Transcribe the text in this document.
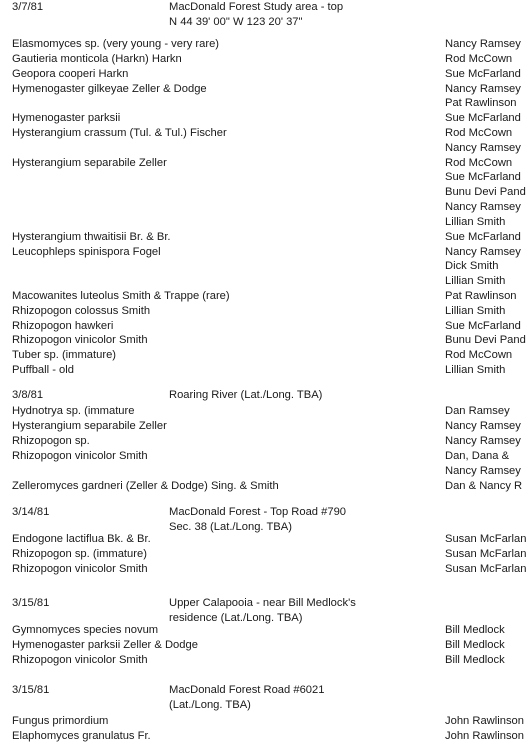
3/7/81	MacDonald Forest Study area - top
N 44 39' 00" W 123 20' 37"
Elasmomyces sp. (very young - very rare)	Nancy Ramsey
Gautieria monticola (Harkn) Harkn	Rod McCown
Geopora cooperi Harkn	Sue McFarland
Hymenogaster gilkeyae Zeller & Dodge	Nancy Ramsey
Pat Rawlinson
Hymenogaster parksii	Sue McFarland
Hysterangium crassum (Tul. & Tul.) Fischer	Rod McCown
Nancy Ramsey
Hysterangium separabile Zeller	Rod McCown
Sue McFarland
Bunu Devi Pand
Nancy Ramsey
Lillian Smith
Hysterangium thwaitisii Br. & Br.	Sue McFarland
Leucophleps spinispora Fogel	Nancy Ramsey
Dick Smith
Lillian Smith
Macowanites luteolus Smith & Trappe (rare)	Pat Rawlinson
Rhizopogon colossus Smith	Lillian Smith
Rhizopogon hawkeri	Sue McFarland
Rhizopogon vinicolor Smith	Bunu Devi Pand
Tuber sp. (immature)	Rod McCown
Puffball - old	Lillian Smith
3/8/81	Roaring River (Lat./Long. TBA)
Hydnotrya sp. (immature	Dan Ramsey
Hysterangium separabile Zeller	Nancy Ramsey
Rhizopogon sp.	Nancy Ramsey
Rhizopogon vinicolor Smith	Dan, Dana &
Nancy Ramsey
Zelleromyces gardneri (Zeller & Dodge) Sing. & Smith	Dan & Nancy R
3/14/81	MacDonald Forest - Top Road #790
Sec. 38 (Lat./Long. TBA)
Endogone lactiflua Bk. & Br.	Susan McFarlan
Rhizopogon sp. (immature)	Susan McFarlan
Rhizopogon vinicolor Smith	Susan McFarlan
3/15/81	Upper Calapooia - near Bill Medlock's
residence (Lat./Long. TBA)
Gymnomyces species novum	Bill Medlock
Hymenogaster parksii Zeller & Dodge	Bill Medlock
Rhizopogon vinicolor Smith	Bill Medlock
3/15/81	MacDonald Forest Road #6021
(Lat./Long. TBA)
Fungus primordium	John Rawlinson
Elaphomyces granulatus Fr.	John Rawlinson
